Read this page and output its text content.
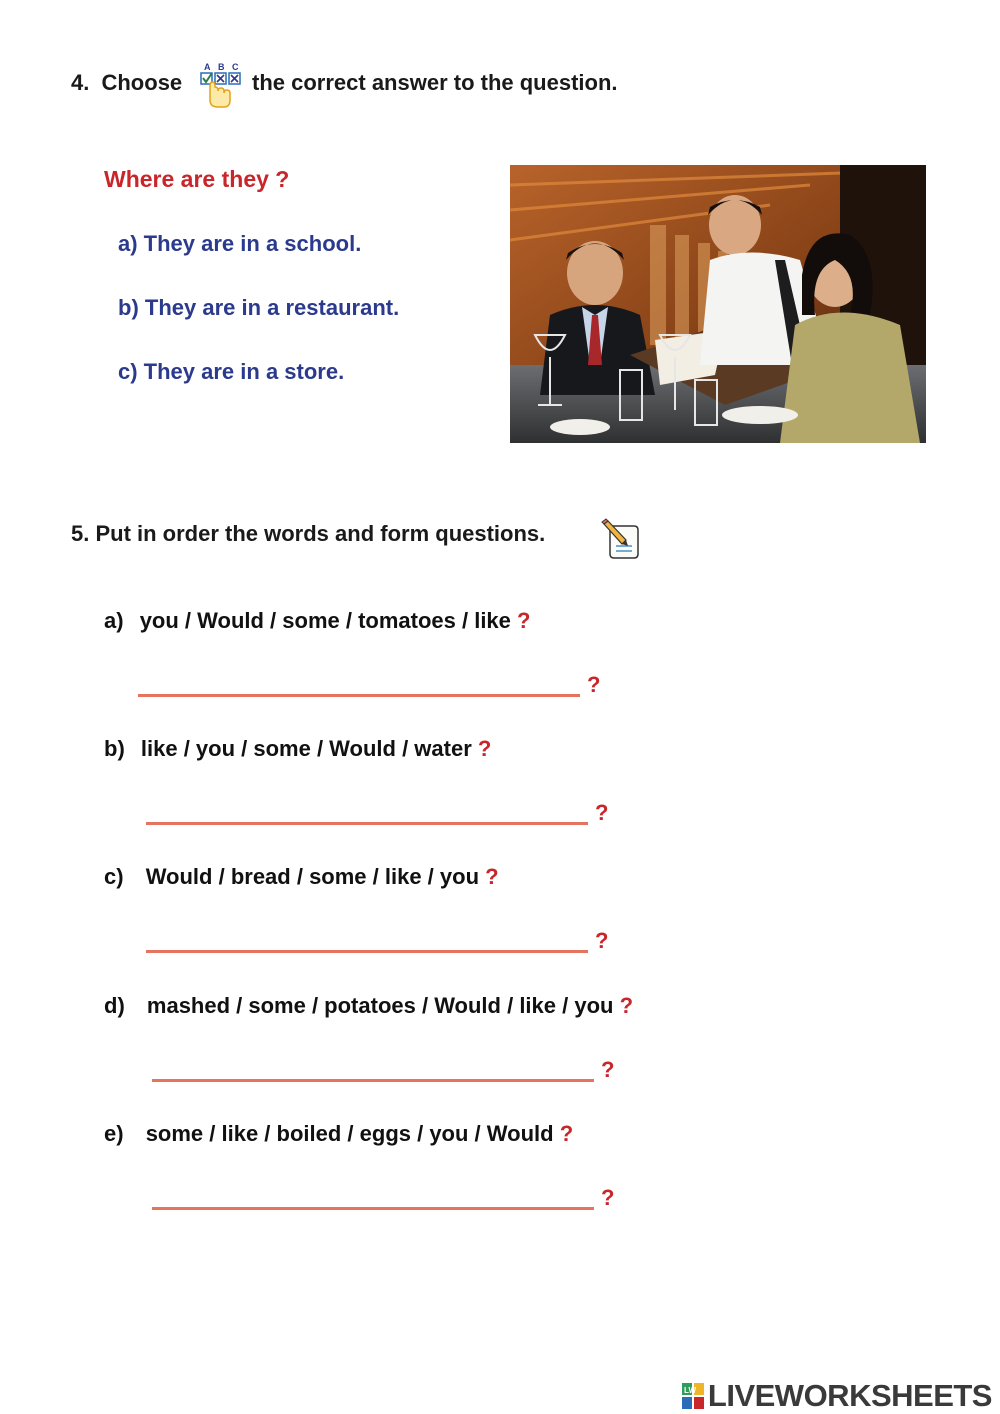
4. Choose
A B C
the correct answer to the question.
Where are they ?
a) They are in a school.
b) They are in a restaurant.
c) They are in a store.
5. Put in order the words and form questions.
a) you / Would / some / tomatoes / like ?
?
b) like / you / some / Would / water ?
?
c) Would / bread / some / like / you ?
?
d) mashed / some / potatoes / Would / like / you ?
?
e) some / like / boiled / eggs / you / Would ?
?
LW LIVEWORKSHEETS
